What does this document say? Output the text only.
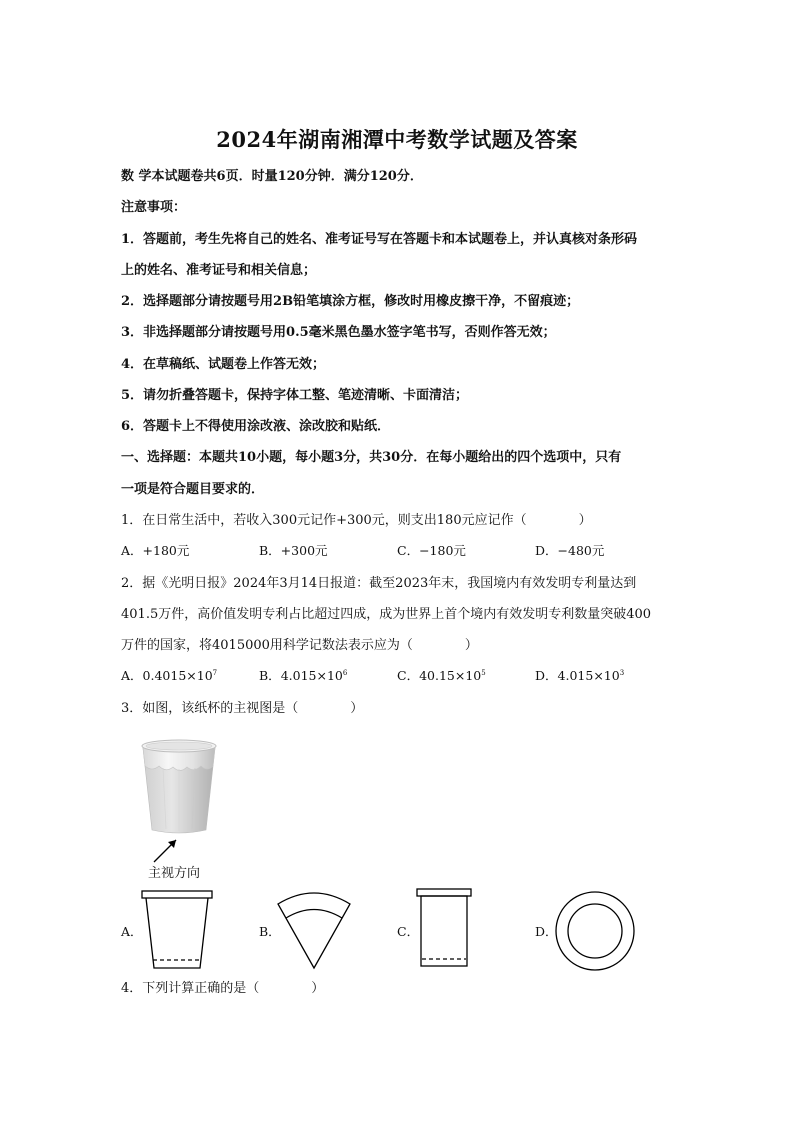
2024年湖南湘潭中考数学试题及答案
数 学本试题卷共6页．时量120分钟．满分120分．
注意事项：
1．答题前，考生先将自己的姓名、准考证号写在答题卡和本试题卷上，并认真核对条形码
上的姓名、准考证号和相关信息；
2．选择题部分请按题号用2B铅笔填涂方框，修改时用橡皮擦干净，不留痕迹；
3．非选择题部分请按题号用0.5毫米黑色墨水签字笔书写，否则作答无效；
4．在草稿纸、试题卷上作答无效；
5．请勿折叠答题卡，保持字体工整、笔迹清晰、卡面清洁；
6．答题卡上不得使用涂改液、涂改胶和贴纸．
一、选择题：本题共10小题，每小题3分，共30分．在每小题给出的四个选项中，只有
一项是符合题目要求的．
1．在日常生活中，若收入300元记作+300元，则支出180元应记作（　　　　）
A．+180元	B．+300元	C．−180元	D．−480元
2．据《光明日报》2024年3月14日报道：截至2023年末，我国境内有效发明专利量达到
401.5万件，高价值发明专利占比超过四成，成为世界上首个境内有效发明专利数量突破400
万件的国家，将4015000用科学记数法表示应为（　　　　）
A．$0.4015\times 10^7$	B．$4.015\times 10^6$	C．$40.15\times 10^5$	D．$4.015\times 10^3$
3．如图，该纸杯的主视图是（　　　　）
主视方向
A．	B．	C．	D．
4．下列计算正确的是（　　　　）
